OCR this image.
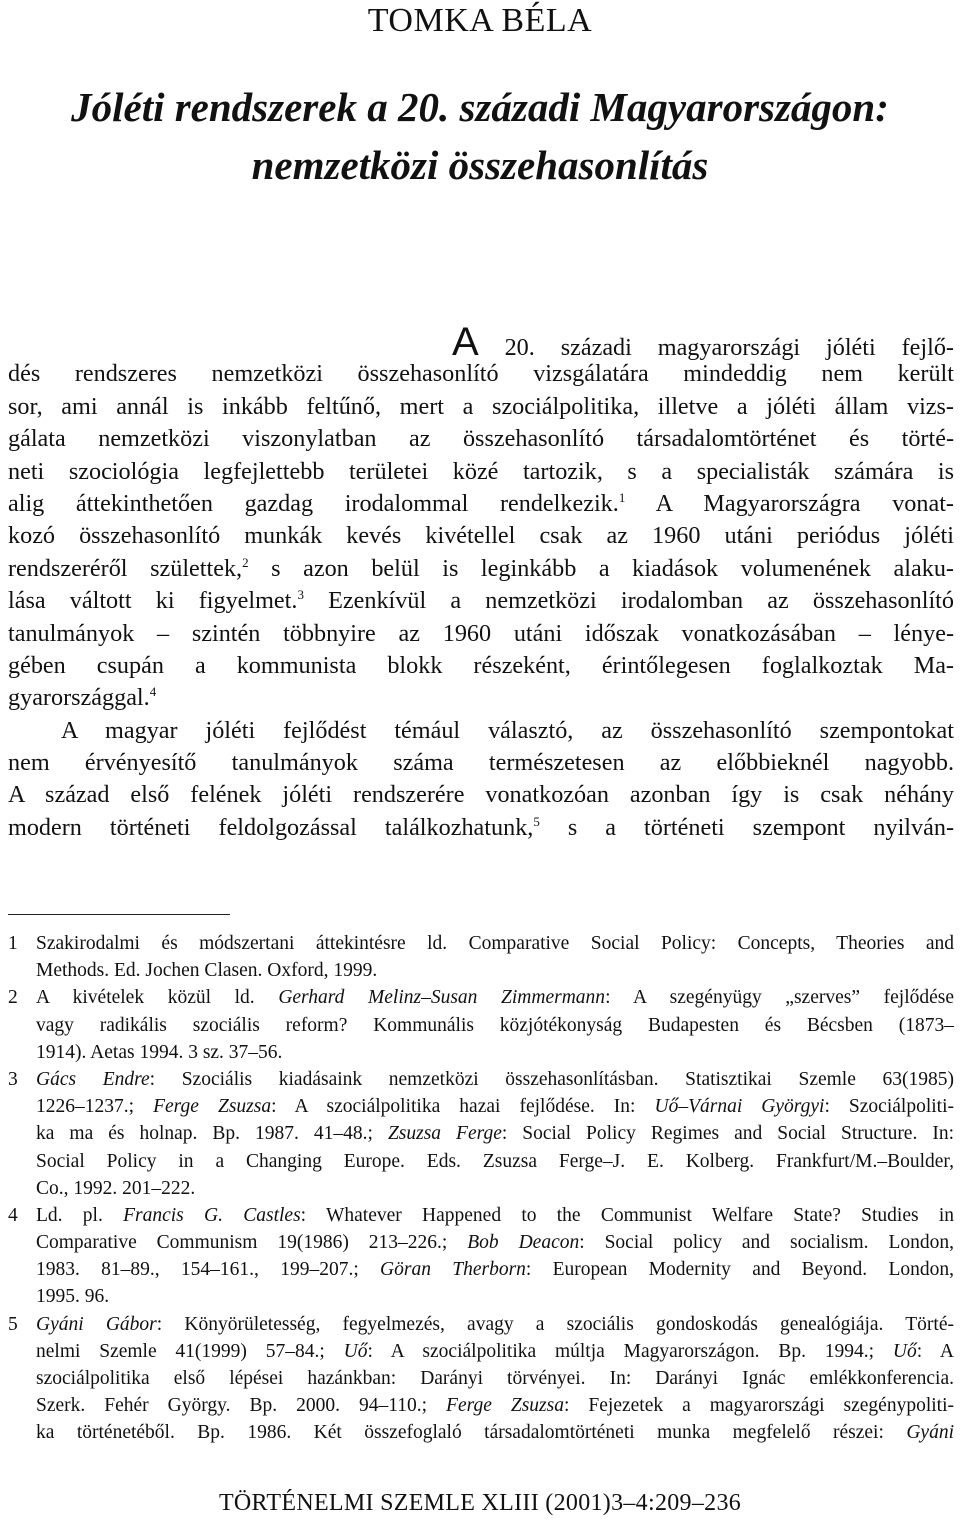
TOMKA BÉLA
Jóléti rendszerek a 20. századi Magyarországon:
nemzetközi összehasonlítás
A 20. századi magyarországi jóléti fejlő-
dés rendszeres nemzetközi összehasonlító vizsgálatára mindeddig nem került
sor, ami annál is inkább feltűnő, mert a szociálpolitika, illetve a jóléti állam vizs-
gálata nemzetközi viszonylatban az összehasonlító társadalomtörténet és törté-
neti szociológia legfejlettebb területei közé tartozik, s a specialisták számára is
alig áttekinthetően gazdag irodalommal rendelkezik.$^1$ A Magyarországra vonat-
kozó összehasonlító munkák kevés kivétellel csak az 1960 utáni periódus jóléti
rendszeréről születtek,$^2$ s azon belül is leginkább a kiadások volumenének alaku-
lása váltott ki figyelmet.$^3$ Ezenkívül a nemzetközi irodalomban az összehasonlító
tanulmányok – szintén többnyire az 1960 utáni időszak vonatkozásában – lénye-
gében csupán a kommunista blokk részeként, érintőlegesen foglalkoztak Ma-
gyarországgal.$^4$
A magyar jóléti fejlődést témául választó, az összehasonlító szempontokat
nem érvényesítő tanulmányok száma természetesen az előbbieknél nagyobb.
A század első felének jóléti rendszerére vonatkozóan azonban így is csak néhány
modern történeti feldolgozással találkozhatunk,$^5$ s a történeti szempont nyilván-
1 Szakirodalmi és módszertani áttekintésre ld. Comparative Social Policy: Concepts, Theories and
Methods. Ed. Jochen Clasen. Oxford, 1999.
2 A kivételek közül ld. Gerhard Melinz–Susan Zimmermann: A szegényügy „szerves” fejlődése
vagy radikális szociális reform? Kommunális közjótékonyság Budapesten és Bécsben (1873–
1914). Aetas 1994. 3 sz. 37–56.
3 Gács Endre: Szociális kiadásaink nemzetközi összehasonlításban. Statisztikai Szemle 63(1985)
1226–1237.; Ferge Zsuzsa: A szociálpolitika hazai fejlődése. In: Uő–Várnai Györgyi: Szociálpoliti-
ka ma és holnap. Bp. 1987. 41–48.; Zsuzsa Ferge: Social Policy Regimes and Social Structure. In:
Social Policy in a Changing Europe. Eds. Zsuzsa Ferge–J. E. Kolberg. Frankfurt/M.–Boulder,
Co., 1992. 201–222.
4 Ld. pl. Francis G. Castles: Whatever Happened to the Communist Welfare State? Studies in
Comparative Communism 19(1986) 213–226.; Bob Deacon: Social policy and socialism. London,
1983. 81–89., 154–161., 199–207.; Göran Therborn: European Modernity and Beyond. London,
1995. 96.
5 Gyáni Gábor: Könyörületesség, fegyelmezés, avagy a szociális gondoskodás genealógiája. Törté-
nelmi Szemle 41(1999) 57–84.; Uő: A szociálpolitika múltja Magyarországon. Bp. 1994.; Uő: A
szociálpolitika első lépései hazánkban: Darányi törvényei. In: Darányi Ignác emlékkonferencia.
Szerk. Fehér György. Bp. 2000. 94–110.; Ferge Zsuzsa: Fejezetek a magyarországi szegénypoliti-
ka történetéből. Bp. 1986. Két összefoglaló társadalomtörténeti munka megfelelő részei: Gyáni
TÖRTÉNELMI SZEMLE XLIII (2001)3–4:209–236
